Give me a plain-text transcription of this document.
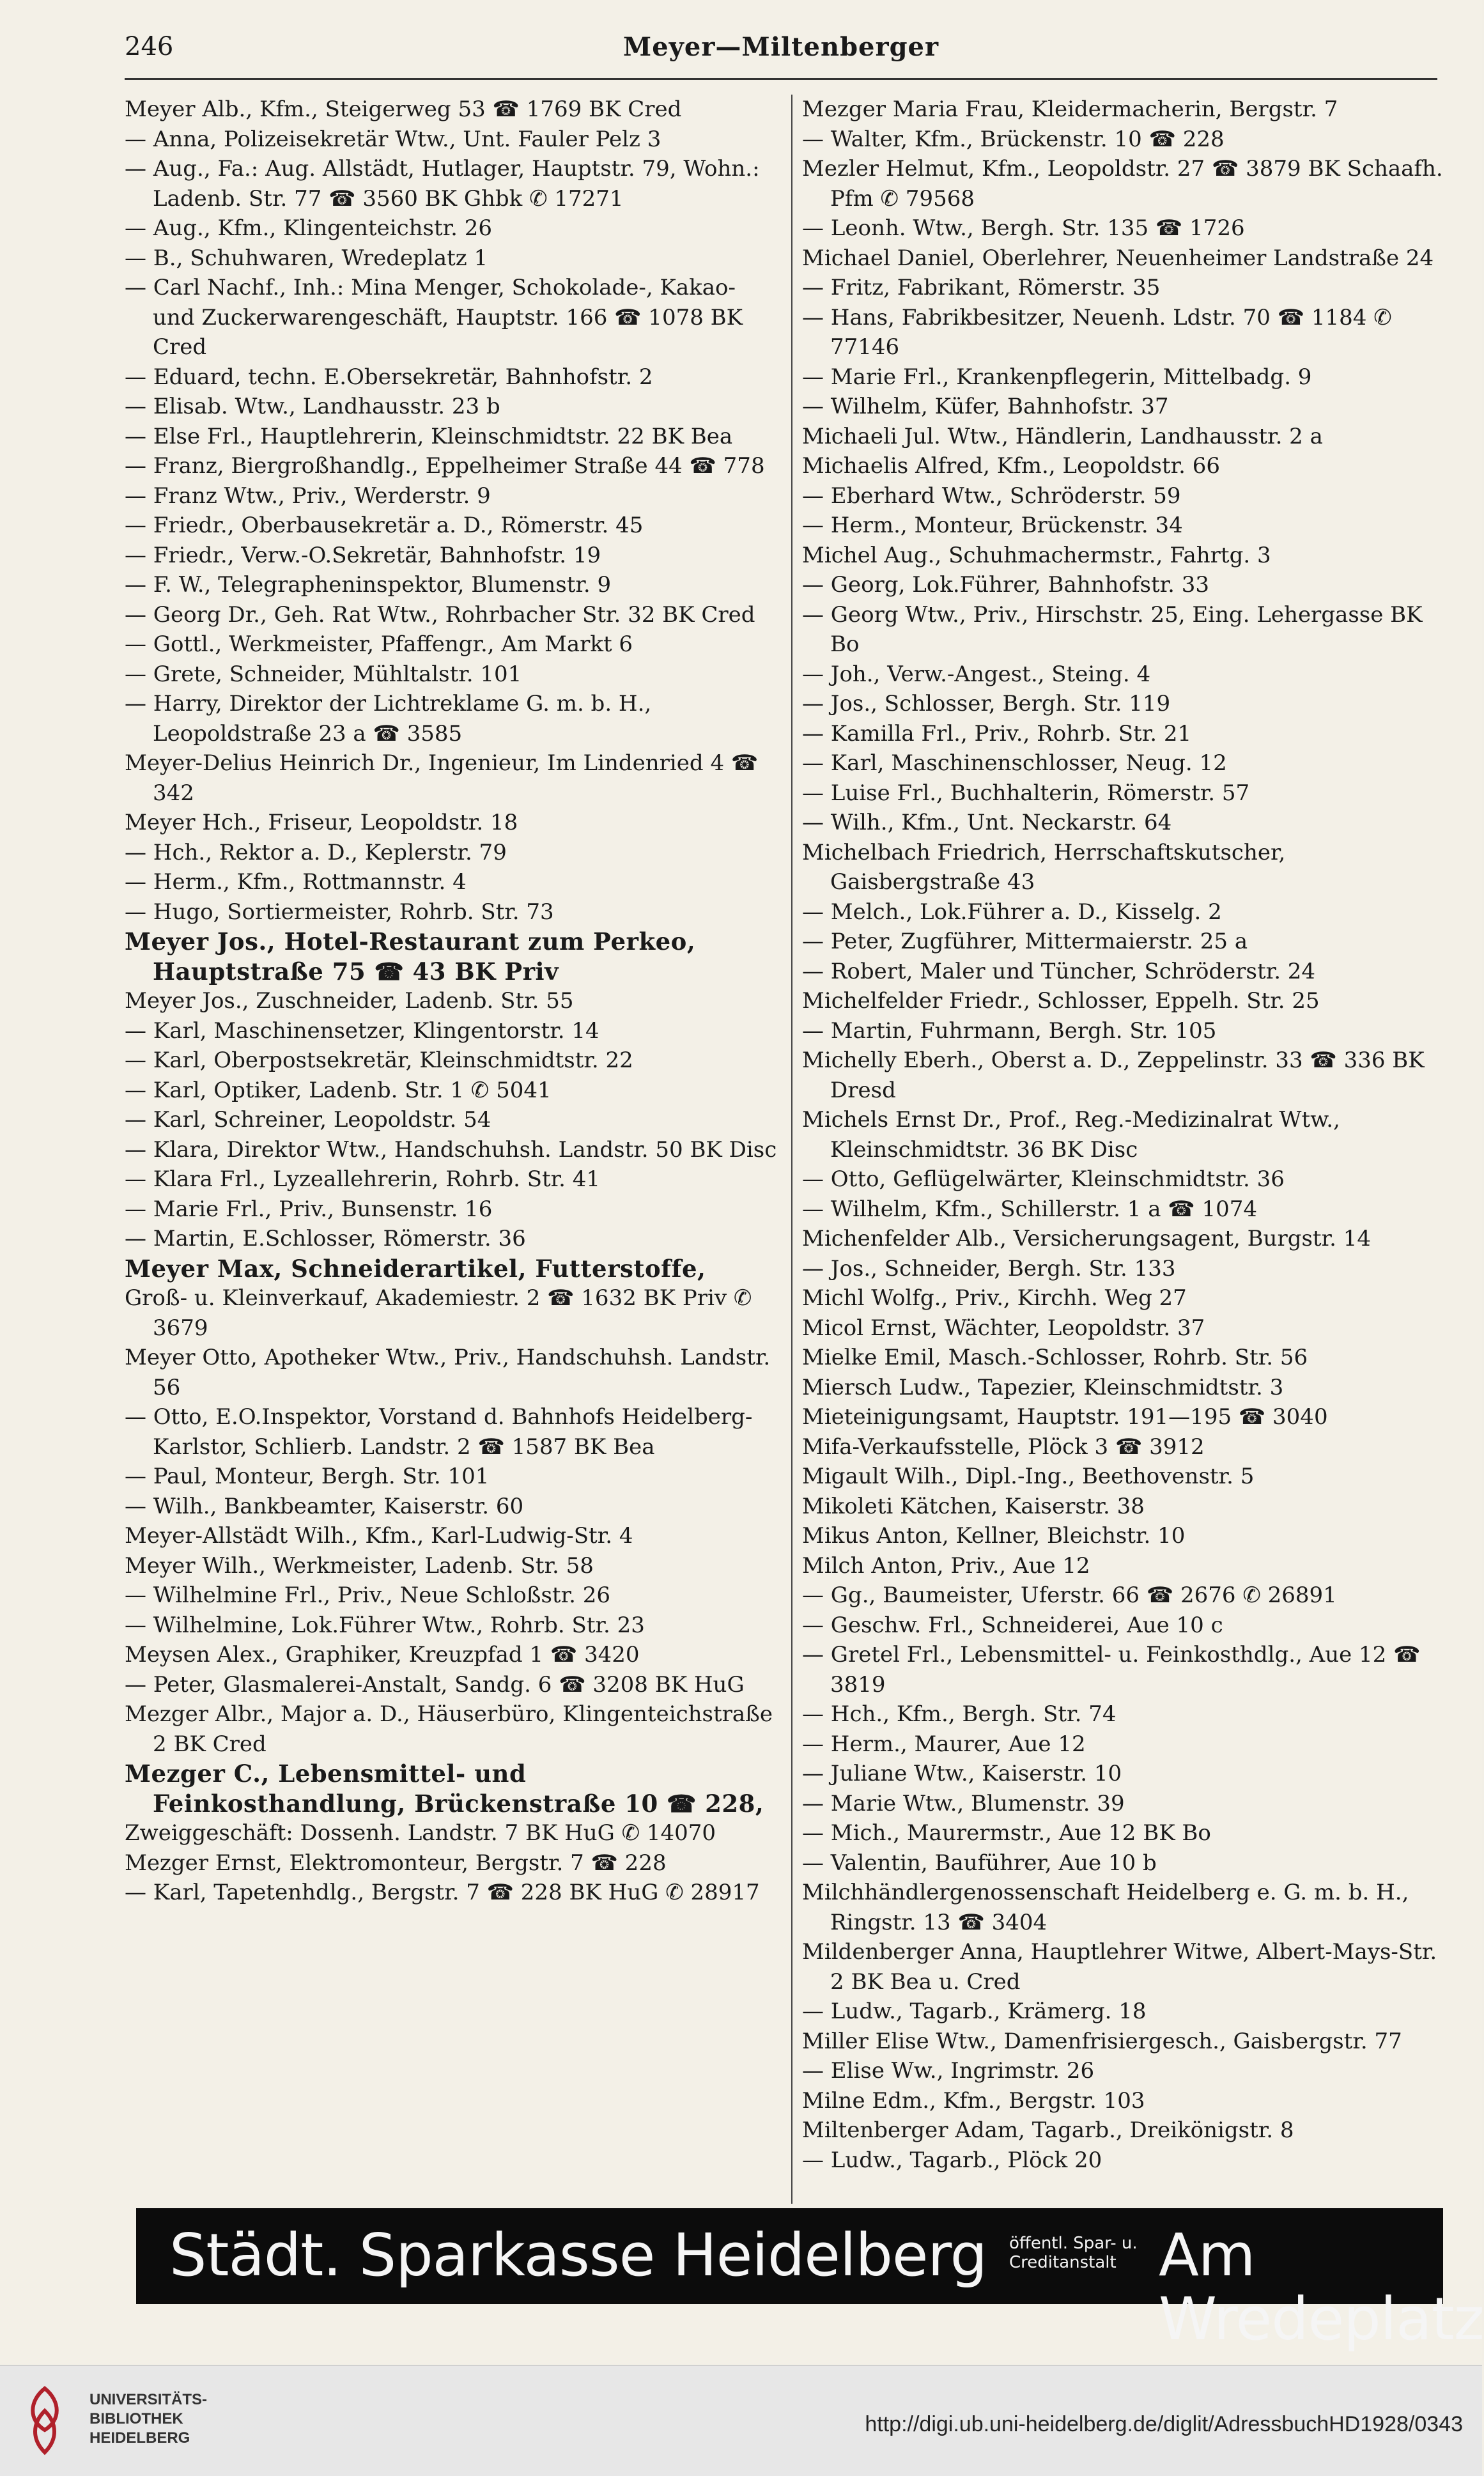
246	Meyer—Miltenberger
Meyer Alb., Kfm., Steigerweg 53 ☎ 1769 BK Cred
— Anna, Polizeisekretär Wtw., Unt. Fauler Pelz 3
— Aug., Fa.: Aug. Allstädt, Hutlager, Hauptstr. 79, Wohn.: Ladenb. Str. 77 ☎ 3560 BK Ghbk ✆ 17271
— Aug., Kfm., Klingenteichstr. 26
— B., Schuhwaren, Wredeplatz 1
— Carl Nachf., Inh.: Mina Menger, Schokolade-, Kakao- und Zuckerwarengeschäft, Hauptstr. 166 ☎ 1078 BK Cred
— Eduard, techn. E.Obersekretär, Bahnhofstr. 2
— Elisab. Wtw., Landhausstr. 23 b
— Else Frl., Hauptlehrerin, Kleinschmidtstr. 22 BK Bea
— Franz, Biergroßhandlg., Eppelheimer Straße 44 ☎ 778
— Franz Wtw., Priv., Werderstr. 9
— Friedr., Oberbausekretär a. D., Römerstr. 45
— Friedr., Verw.-O.Sekretär, Bahnhofstr. 19
— F. W., Telegrapheninspektor, Blumenstr. 9
— Georg Dr., Geh. Rat Wtw., Rohrbacher Str. 32 BK Cred
— Gottl., Werkmeister, Pfaffengr., Am Markt 6
— Grete, Schneider, Mühltalstr. 101
— Harry, Direktor der Lichtreklame G. m. b. H., Leopoldstraße 23 a ☎ 3585
Meyer-Delius Heinrich Dr., Ingenieur, Im Lindenried 4 ☎ 342
Meyer Hch., Friseur, Leopoldstr. 18
— Hch., Rektor a. D., Keplerstr. 79
— Herm., Kfm., Rottmannstr. 4
— Hugo, Sortiermeister, Rohrb. Str. 73
Meyer Jos., Hotel-Restaurant zum Perkeo, Hauptstraße 75 ☎ 43 BK Priv
Meyer Jos., Zuschneider, Ladenb. Str. 55
— Karl, Maschinensetzer, Klingentorstr. 14
— Karl, Oberpostsekretär, Kleinschmidtstr. 22
— Karl, Optiker, Ladenb. Str. 1 ✆ 5041
— Karl, Schreiner, Leopoldstr. 54
— Klara, Direktor Wtw., Handschuhsh. Landstr. 50 BK Disc
— Klara Frl., Lyzeallehrerin, Rohrb. Str. 41
— Marie Frl., Priv., Bunsenstr. 16
— Martin, E.Schlosser, Römerstr. 36
Meyer Max, Schneiderartikel, Futterstoffe,
Groß- u. Kleinverkauf, Akademiestr. 2 ☎ 1632 BK Priv ✆ 3679
Meyer Otto, Apotheker Wtw., Priv., Handschuhsh. Landstr. 56
— Otto, E.O.Inspektor, Vorstand d. Bahnhofs Heidelberg-Karlstor, Schlierb. Landstr. 2 ☎ 1587 BK Bea
— Paul, Monteur, Bergh. Str. 101
— Wilh., Bankbeamter, Kaiserstr. 60
Meyer-Allstädt Wilh., Kfm., Karl-Ludwig-Str. 4
Meyer Wilh., Werkmeister, Ladenb. Str. 58
— Wilhelmine Frl., Priv., Neue Schloßstr. 26
— Wilhelmine, Lok.Führer Wtw., Rohrb. Str. 23
Meysen Alex., Graphiker, Kreuzpfad 1 ☎ 3420
— Peter, Glasmalerei-Anstalt, Sandg. 6 ☎ 3208 BK HuG
Mezger Albr., Major a. D., Häuserbüro, Klingenteichstraße 2 BK Cred
Mezger C., Lebensmittel- und Feinkosthandlung, Brückenstraße 10 ☎ 228,
Zweiggeschäft: Dossenh. Landstr. 7 BK HuG ✆ 14070
Mezger Ernst, Elektromonteur, Bergstr. 7 ☎ 228
— Karl, Tapetenhdlg., Bergstr. 7 ☎ 228 BK HuG ✆ 28917
Mezger Maria Frau, Kleidermacherin, Bergstr. 7
— Walter, Kfm., Brückenstr. 10 ☎ 228
Mezler Helmut, Kfm., Leopoldstr. 27 ☎ 3879 BK Schaafh. Pfm ✆ 79568
— Leonh. Wtw., Bergh. Str. 135 ☎ 1726
Michael Daniel, Oberlehrer, Neuenheimer Landstraße 24
— Fritz, Fabrikant, Römerstr. 35
— Hans, Fabrikbesitzer, Neuenh. Ldstr. 70 ☎ 1184 ✆ 77146
— Marie Frl., Krankenpflegerin, Mittelbadg. 9
— Wilhelm, Küfer, Bahnhofstr. 37
Michaeli Jul. Wtw., Händlerin, Landhausstr. 2 a
Michaelis Alfred, Kfm., Leopoldstr. 66
— Eberhard Wtw., Schröderstr. 59
— Herm., Monteur, Brückenstr. 34
Michel Aug., Schuhmachermstr., Fahrtg. 3
— Georg, Lok.Führer, Bahnhofstr. 33
— Georg Wtw., Priv., Hirschstr. 25, Eing. Lehergasse BK Bo
— Joh., Verw.-Angest., Steing. 4
— Jos., Schlosser, Bergh. Str. 119
— Kamilla Frl., Priv., Rohrb. Str. 21
— Karl, Maschinenschlosser, Neug. 12
— Luise Frl., Buchhalterin, Römerstr. 57
— Wilh., Kfm., Unt. Neckarstr. 64
Michelbach Friedrich, Herrschaftskutscher, Gaisbergstraße 43
— Melch., Lok.Führer a. D., Kisselg. 2
— Peter, Zugführer, Mittermaierstr. 25 a
— Robert, Maler und Tüncher, Schröderstr. 24
Michelfelder Friedr., Schlosser, Eppelh. Str. 25
— Martin, Fuhrmann, Bergh. Str. 105
Michelly Eberh., Oberst a. D., Zeppelinstr. 33 ☎ 336 BK Dresd
Michels Ernst Dr., Prof., Reg.-Medizinalrat Wtw., Kleinschmidtstr. 36 BK Disc
— Otto, Geflügelwärter, Kleinschmidtstr. 36
— Wilhelm, Kfm., Schillerstr. 1 a ☎ 1074
Michenfelder Alb., Versicherungsagent, Burgstr. 14
— Jos., Schneider, Bergh. Str. 133
Michl Wolfg., Priv., Kirchh. Weg 27
Micol Ernst, Wächter, Leopoldstr. 37
Mielke Emil, Masch.-Schlosser, Rohrb. Str. 56
Miersch Ludw., Tapezier, Kleinschmidtstr. 3
Mieteinigungsamt, Hauptstr. 191—195 ☎ 3040
Mifa-Verkaufsstelle, Plöck 3 ☎ 3912
Migault Wilh., Dipl.-Ing., Beethovenstr. 5
Mikoleti Kätchen, Kaiserstr. 38
Mikus Anton, Kellner, Bleichstr. 10
Milch Anton, Priv., Aue 12
— Gg., Baumeister, Uferstr. 66 ☎ 2676 ✆ 26891
— Geschw. Frl., Schneiderei, Aue 10 c
— Gretel Frl., Lebensmittel- u. Feinkosthdlg., Aue 12 ☎ 3819
— Hch., Kfm., Bergh. Str. 74
— Herm., Maurer, Aue 12
— Juliane Wtw., Kaiserstr. 10
— Marie Wtw., Blumenstr. 39
— Mich., Maurermstr., Aue 12 BK Bo
— Valentin, Bauführer, Aue 10 b
Milchhändlergenossenschaft Heidelberg e. G. m. b. H., Ringstr. 13 ☎ 3404
Mildenberger Anna, Hauptlehrer Witwe, Albert-Mays-Str. 2 BK Bea u. Cred
— Ludw., Tagarb., Krämerg. 18
Miller Elise Wtw., Damenfrisiergesch., Gaisbergstr. 77
— Elise Ww., Ingrimstr. 26
Milne Edm., Kfm., Bergstr. 103
Miltenberger Adam, Tagarb., Dreikönigstr. 8
— Ludw., Tagarb., Plöck 20
Städt. Sparkasse Heidelberg öffentl. Spar- u.
Creditanstalt Am Wredeplatz
UNIVERSITÄTS-
BIBLIOTHEK
HEIDELBERG
http://digi.ub.uni-heidelberg.de/diglit/AdressbuchHD1928/0343
